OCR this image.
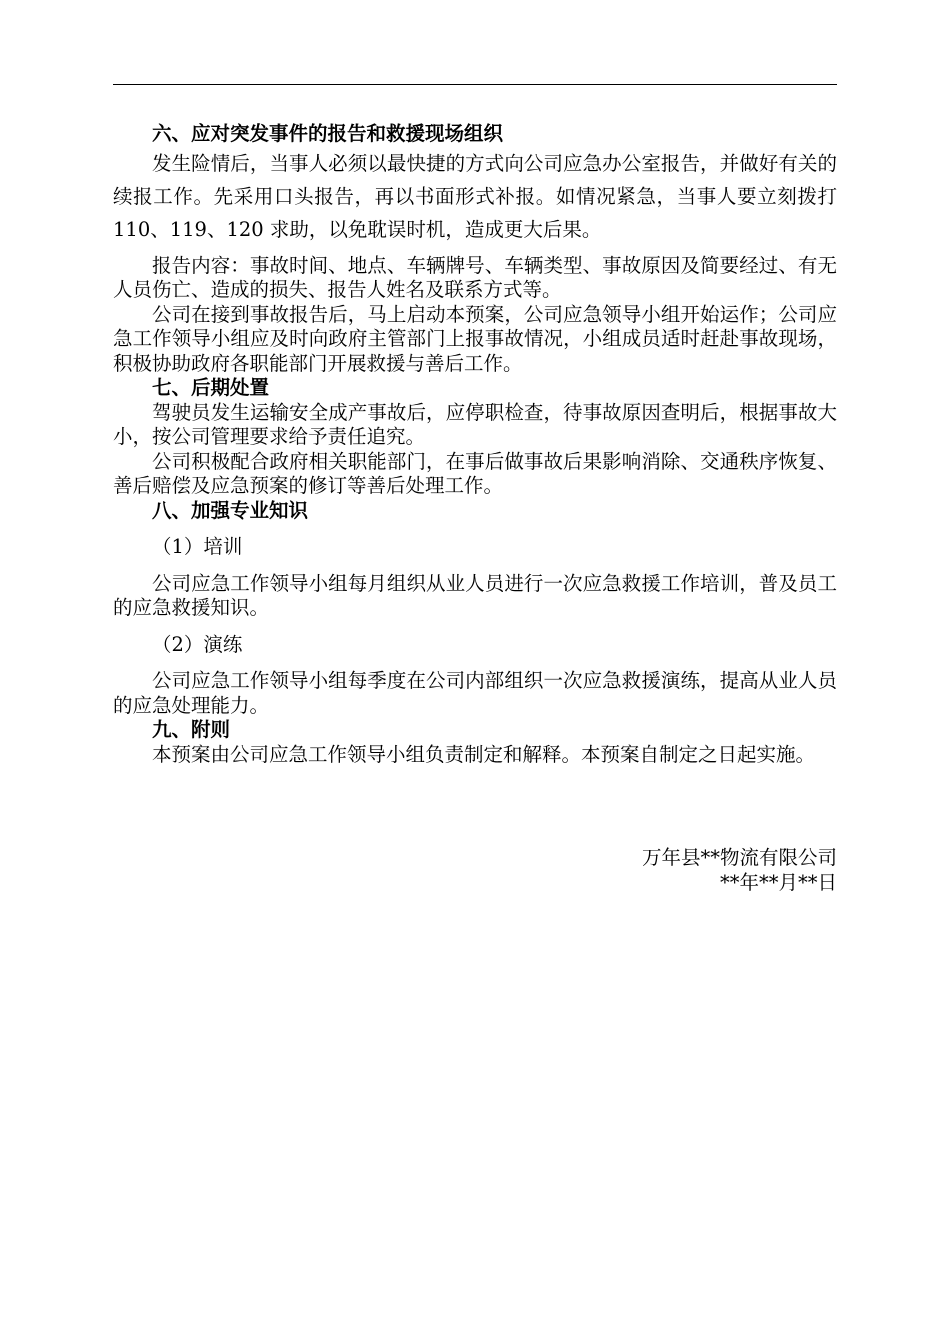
六、应对突发事件的报告和救援现场组织

发生险情后，当事人必须以最快捷的方式向公司应急办公室报告，并做好有关的续报工作。先采用口头报告，再以书面形式补报。如情况紧急，当事人要立刻拨打 110、119、120 求助，以免耽误时机，造成更大后果。

报告内容：事故时间、地点、车辆牌号、车辆类型、事故原因及简要经过、有无人员伤亡、造成的损失、报告人姓名及联系方式等。

公司在接到事故报告后，马上启动本预案，公司应急领导小组开始运作；公司应急工作领导小组应及时向政府主管部门上报事故情况，小组成员适时赶赴事故现场，积极协助政府各职能部门开展救援与善后工作。

七、后期处置

驾驶员发生运输安全成产事故后，应停职检查，待事故原因查明后，根据事故大小，按公司管理要求给予责任追究。

公司积极配合政府相关职能部门，在事后做事故后果影响消除、交通秩序恢复、善后赔偿及应急预案的修订等善后处理工作。

八、加强专业知识

（1）培训

公司应急工作领导小组每月组织从业人员进行一次应急救援工作培训，普及员工的应急救援知识。

（2）演练

公司应急工作领导小组每季度在公司内部组织一次应急救援演练，提高从业人员的应急处理能力。

九、附则

本预案由公司应急工作领导小组负责制定和解释。本预案自制定之日起实施。

万年县**物流有限公司
**年**月**日
